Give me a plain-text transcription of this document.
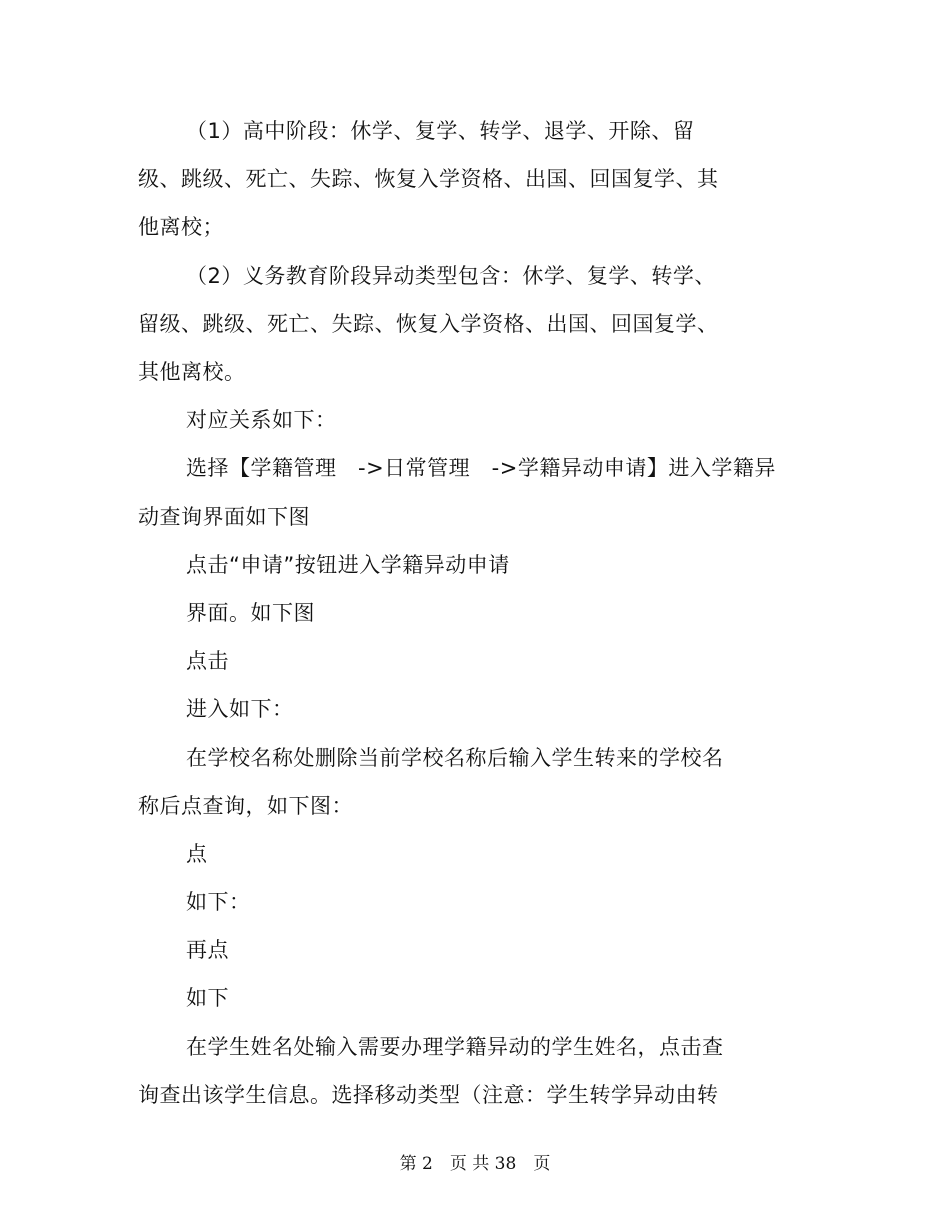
（1）高中阶段：休学、复学、转学、退学、开除、留
级、跳级、死亡、失踪、恢复入学资格、出国、回国复学、其
他离校；
（2）义务教育阶段异动类型包含：休学、复学、转学、
留级、跳级、死亡、失踪、恢复入学资格、出国、回国复学、
其他离校。
对应关系如下：
选择【学籍管理　->日常管理　->学籍异动申请】进入学籍异
动查询界面如下图
点击“申请”按钮进入学籍异动申请
界面。如下图
点击
进入如下：
在学校名称处删除当前学校名称后输入学生转来的学校名
称后点查询，如下图：
点
如下：
再点
如下
在学生姓名处输入需要办理学籍异动的学生姓名，点击查
询查出该学生信息。选择移动类型（注意：学生转学异动由转
第 2　页 共 38　页
